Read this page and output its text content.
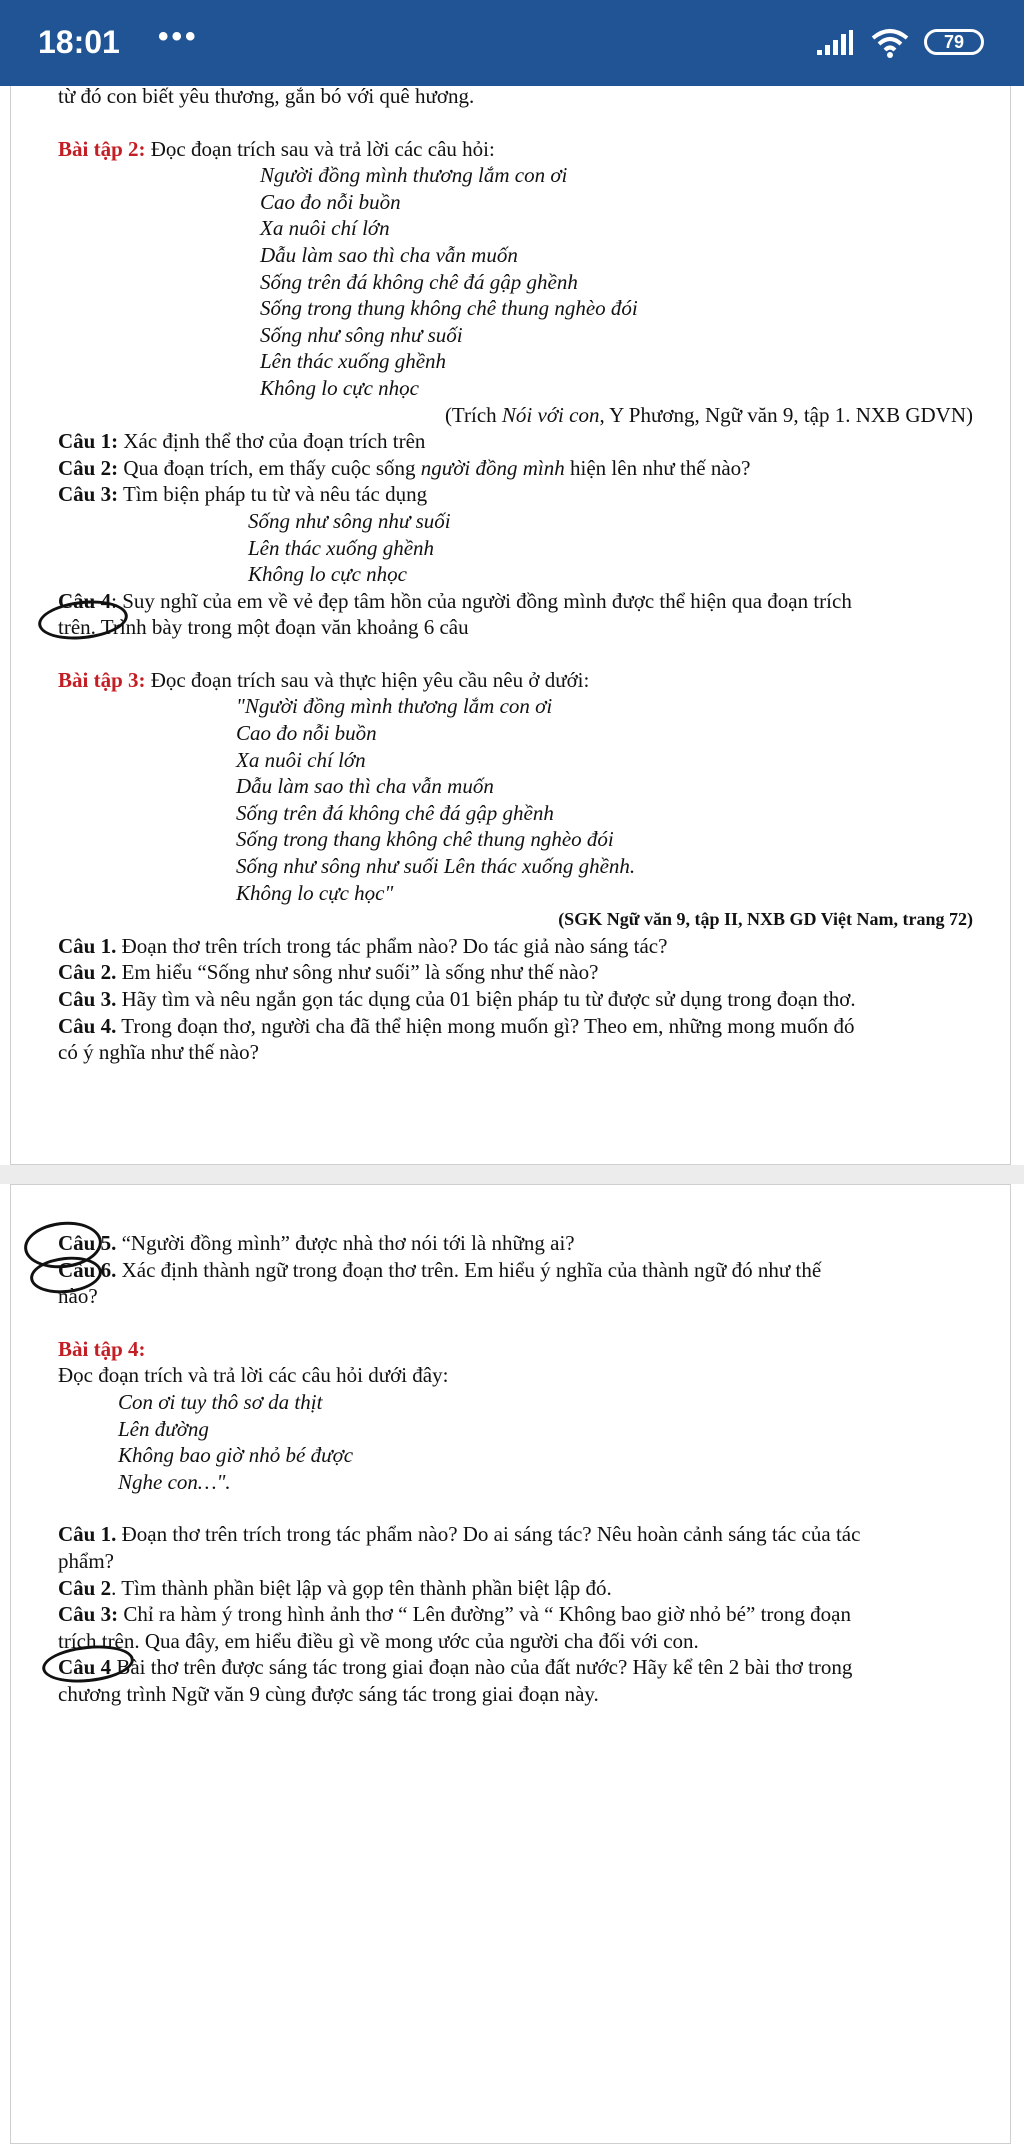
18:01 •••	79
từ đó con biết yêu thương, gắn bó với quê hương.
Bài tập 2: Đọc đoạn trích sau và trả lời các câu hỏi:
Người đồng mình thương lắm con ơi
Cao đo nỗi buồn
Xa nuôi chí lớn
Dẫu làm sao thì cha vẫn muốn
Sống trên đá không chê đá gập ghềnh
Sống trong thung không chê thung nghèo đói
Sống như sông như suối
Lên thác xuống ghềnh
Không lo cực nhọc
(Trích Nói với con, Y Phương, Ngữ văn 9, tập 1. NXB GDVN)
Câu 1: Xác định thể thơ của đoạn trích trên
Câu 2: Qua đoạn trích, em thấy cuộc sống người đồng mình hiện lên như thế nào?
Câu 3: Tìm biện pháp tu từ và nêu tác dụng
Sống như sông như suối
Lên thác xuống ghềnh
Không lo cực nhọc
Câu 4: Suy nghĩ của em về vẻ đẹp tâm hồn của người đồng mình được thể hiện qua đoạn trích
trên. Trình bày trong một đoạn văn khoảng 6 câu
Bài tập 3: Đọc đoạn trích sau và thực hiện yêu cầu nêu ở dưới:
"Người đồng mình thương lắm con ơi
Cao đo nỗi buồn
Xa nuôi chí lớn
Dẫu làm sao thì cha vẫn muốn
Sống trên đá không chê đá gập ghềnh
Sống trong thang không chê thung nghèo đói
Sống như sông như suối Lên thác xuống ghềnh.
Không lo cực học"
(SGK Ngữ văn 9, tập II, NXB GD Việt Nam, trang 72)
Câu 1. Đoạn thơ trên trích trong tác phẩm nào? Do tác giả nào sáng tác?
Câu 2. Em hiểu “Sống như sông như suối” là sống như thế nào?
Câu 3. Hãy tìm và nêu ngắn gọn tác dụng của 01 biện pháp tu từ được sử dụng trong đoạn thơ.
Câu 4. Trong đoạn thơ, người cha đã thể hiện mong muốn gì? Theo em, những mong muốn đó
có ý nghĩa như thế nào?
Câu 5. “Người đồng mình” được nhà thơ nói tới là những ai?
Câu 6. Xác định thành ngữ trong đoạn thơ trên. Em hiểu ý nghĩa của thành ngữ đó như thế
nào?
Bài tập 4:
Đọc đoạn trích và trả lời các câu hỏi dưới đây:
Con ơi tuy thô sơ da thịt
Lên đường
Không bao giờ nhỏ bé được
Nghe con…".
Câu 1. Đoạn thơ trên trích trong tác phẩm nào? Do ai sáng tác? Nêu hoàn cảnh sáng tác của tác
phẩm?
Câu 2. Tìm thành phần biệt lập và gọp tên thành phần biệt lập đó.
Câu 3: Chỉ ra hàm ý trong hình ảnh thơ “ Lên đường” và “ Không bao giờ nhỏ bé” trong đoạn
trích trên. Qua đây, em hiểu điều gì về mong ước của người cha đối với con.
Câu 4 Bài thơ trên được sáng tác trong giai đoạn nào của đất nước? Hãy kể tên 2 bài thơ trong
chương trình Ngữ văn 9 cùng được sáng tác trong giai đoạn này.
